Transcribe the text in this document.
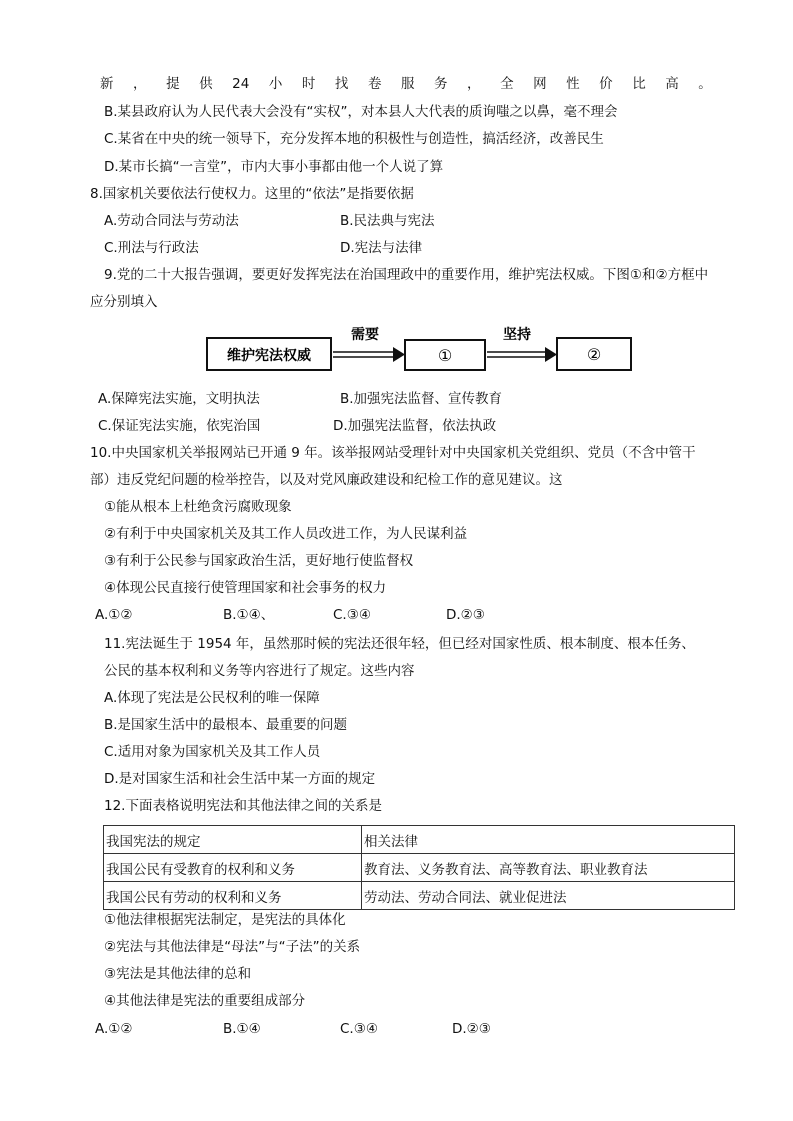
新 ， 提 供 24 小 时 找 卷 服 务 ， 全 网 性 价 比 高 。
B.某县政府认为人民代表大会没有“实权”，对本县人大代表的质询嗤之以鼻，毫不理会
C.某省在中央的统一领导下，充分发挥本地的积极性与创造性，搞活经济，改善民生
D.某市长搞“一言堂”，市内大事小事都由他一个人说了算
8.国家机关要依法行使权力。这里的“依法”是指要依据
A.劳动合同法与劳动法	B.民法典与宪法
C.刑法与行政法	D.宪法与法律
9.党的二十大报告强调，要更好发挥宪法在治国理政中的重要作用，维护宪法权威。下图①和②方框中
应分别填入
维护宪法权威
需要
①
坚持
②
A.保障宪法实施，文明执法	B.加强宪法监督、宣传教育
C.保证宪法实施，依宪治国	D.加强宪法监督，依法执政
10.中央国家机关举报网站已开通 9 年。该举报网站受理针对中央国家机关党组织、党员（不含中管干
部）违反党纪问题的检举控告，以及对党风廉政建设和纪检工作的意见建议。这
①能从根本上杜绝贪污腐败现象
②有利于中央国家机关及其工作人员改进工作，为人民谋利益
③有利于公民参与国家政治生活，更好地行使监督权
④体现公民直接行使管理国家和社会事务的权力
A.①②	B.①④、	C.③④	D.②③
11.宪法诞生于 1954 年，虽然那时候的宪法还很年轻，但已经对国家性质、根本制度、根本任务、
公民的基本权利和义务等内容进行了规定。这些内容
A.体现了宪法是公民权利的唯一保障
B.是国家生活中的最根本、最重要的问题
C.适用对象为国家机关及其工作人员
D.是对国家生活和社会生活中某一方面的规定
12.下面表格说明宪法和其他法律之间的关系是
我国宪法的规定	相关法律
我国公民有受教育的权利和义务	教育法、义务教育法、高等教育法、职业教育法
我国公民有劳动的权利和义务	劳动法、劳动合同法、就业促进法
①他法律根据宪法制定，是宪法的具体化
②宪法与其他法律是“母法”与“子法”的关系
③宪法是其他法律的总和
④其他法律是宪法的重要组成部分
A.①②	B.①④	C.③④	D.②③
